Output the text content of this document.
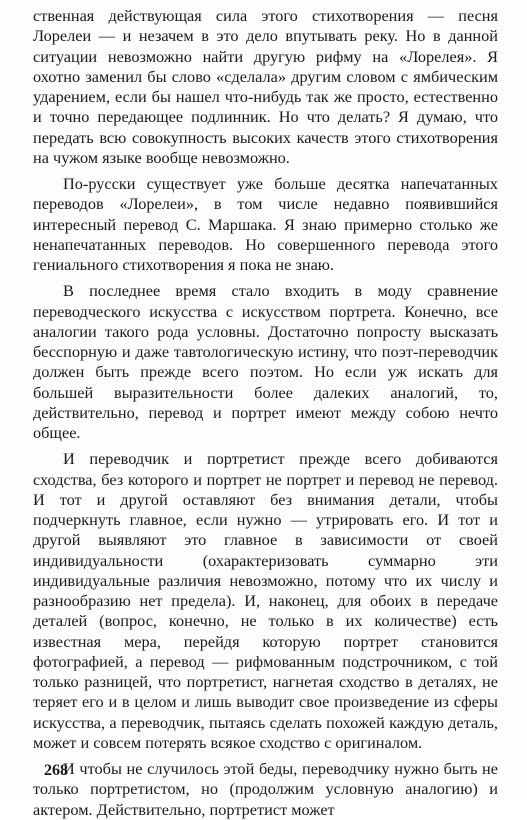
ственная действующая сила этого стихотворения — песня Лорелеи — и незачем в это дело впутывать реку. Но в данной ситуации невозможно найти другую рифму на «Лорелея». Я охотно заменил бы слово «сделала» другим словом с ямбическим ударением, если бы нашел что-нибудь так же просто, естественно и точно передающее подлинник. Но что делать? Я думаю, что передать всю совокупность высоких качеств этого стихотворения на чужом языке вообще невозможно.

По-русски существует уже больше десятка напечатанных переводов «Лорелеи», в том числе недавно появившийся интересный перевод С. Маршака. Я знаю примерно столько же ненапечатанных переводов. Но совершенного перевода этого гениального стихотворения я пока не знаю.

В последнее время стало входить в моду сравнение переводческого искусства с искусством портрета. Конечно, все аналогии такого рода условны. Достаточно попросту высказать бесспорную и даже тавтологическую истину, что поэт-переводчик должен быть прежде всего поэтом. Но если уж искать для большей выразительности более далеких аналогий, то, действительно, перевод и портрет имеют между собою нечто общее.

И переводчик и портретист прежде всего добиваются сходства, без которого и портрет не портрет и перевод не перевод. И тот и другой оставляют без внимания детали, чтобы подчеркнуть главное, если нужно — утрировать его. И тот и другой выявляют это главное в зависимости от своей индивидуальности (охарактеризовать суммарно эти индивидуальные различия невозможно, потому что их числу и разнообразию нет предела). И, наконец, для обоих в передаче деталей (вопрос, конечно, не только в их количестве) есть известная мера, перейдя которую портрет становится фотографией, а перевод — рифмованным подстрочником, с той только разницей, что портретист, нагнетая сходство в деталях, не теряет его и в целом и лишь выводит свое произведение из сферы искусства, а переводчик, пытаясь сделать похожей каждую деталь, может и совсем потерять всякое сходство с оригиналом.

И чтобы не случилось этой беды, переводчику нужно быть не только портретистом, но (продолжим условную аналогию) и актером. Действительно, портретист может

268
